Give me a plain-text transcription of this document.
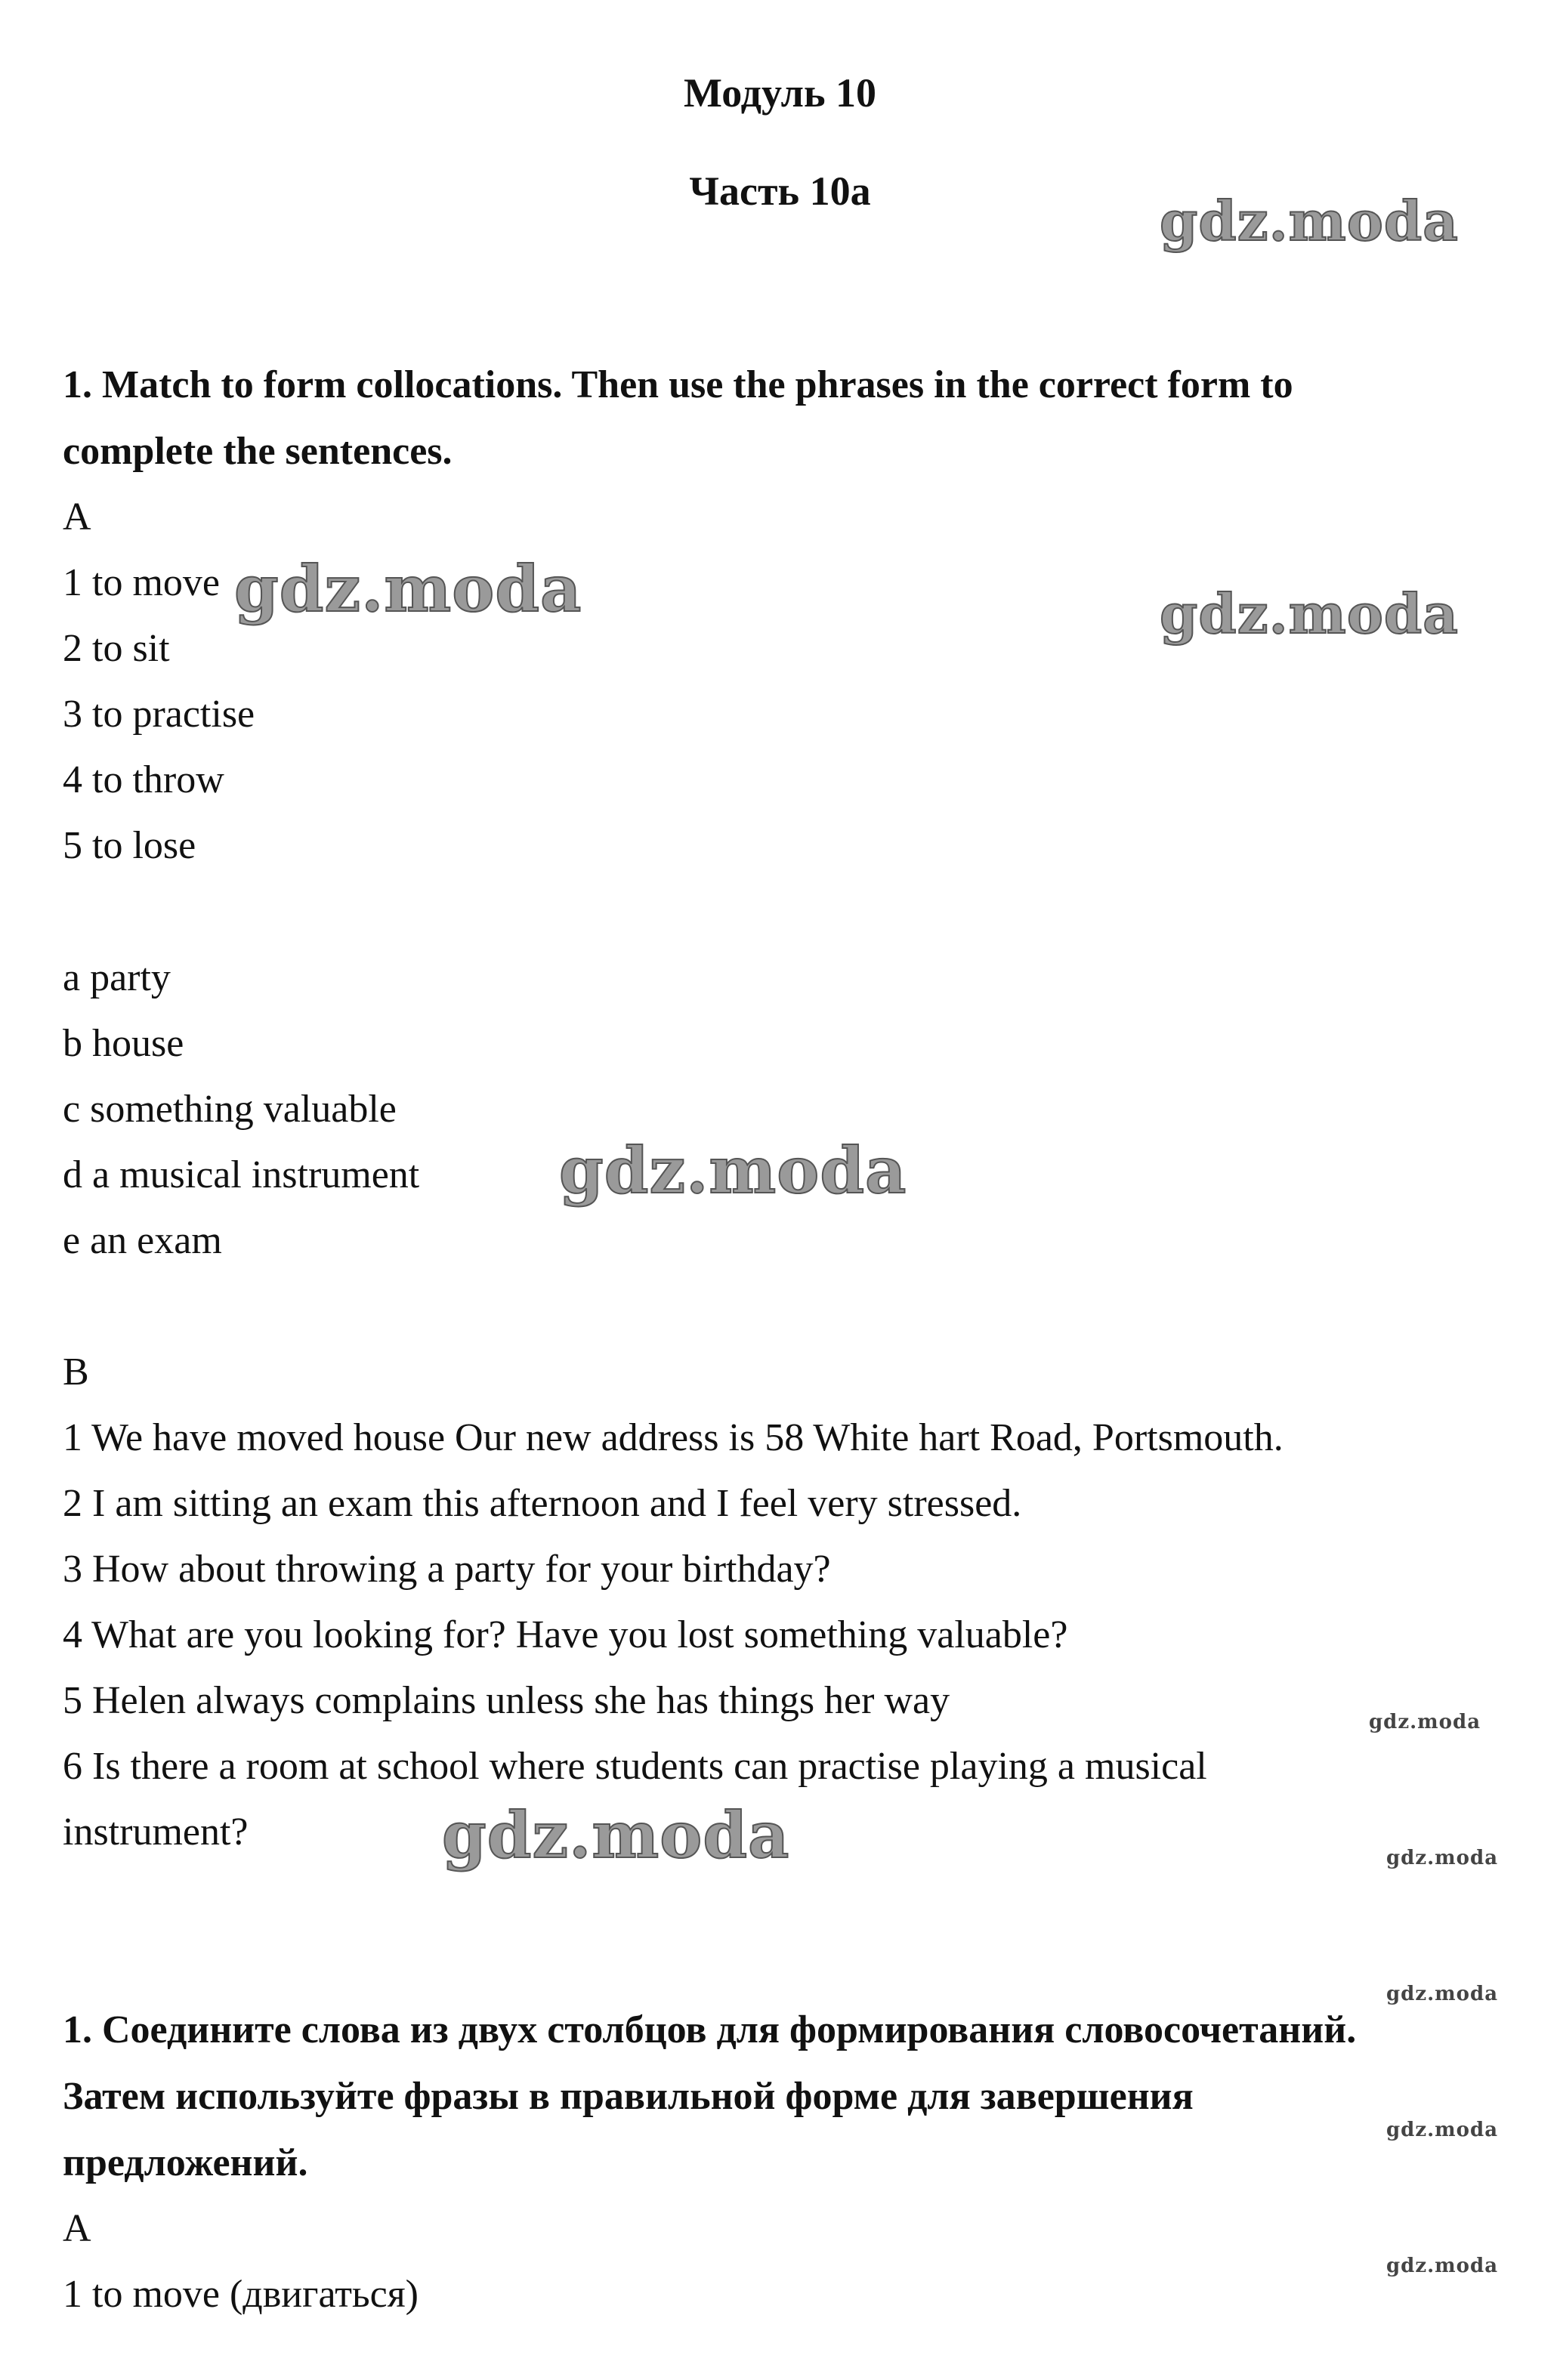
Модуль 10
Часть 10a
1. Match to form collocations. Then use the phrases in the correct form to
complete the sentences.
A
1 to move
2 to sit
3 to practise
4 to throw
5 to lose
a party
b house
c something valuable
d a musical instrument
e an exam
B
1 We have moved house Our new address is 58 White hart Road, Portsmouth.
2 I am sitting an exam this afternoon and I feel very stressed.
3 How about throwing a party for your birthday?
4 What are you looking for? Have you lost something valuable?
5 Helen always complains unless she has things her way
6 Is there a room at school where students can practise playing a musical
instrument?
1. Соедините слова из двух столбцов для формирования словосочетаний.
Затем используйте фразы в правильной форме для завершения
предложений.
A
1 to move (двигаться)
gdz.moda
gdz.moda	gdz.moda
gdz.moda
gdz.moda
gdz.moda
gdz.moda
gdz.moda
gdz.moda
gdz.moda
